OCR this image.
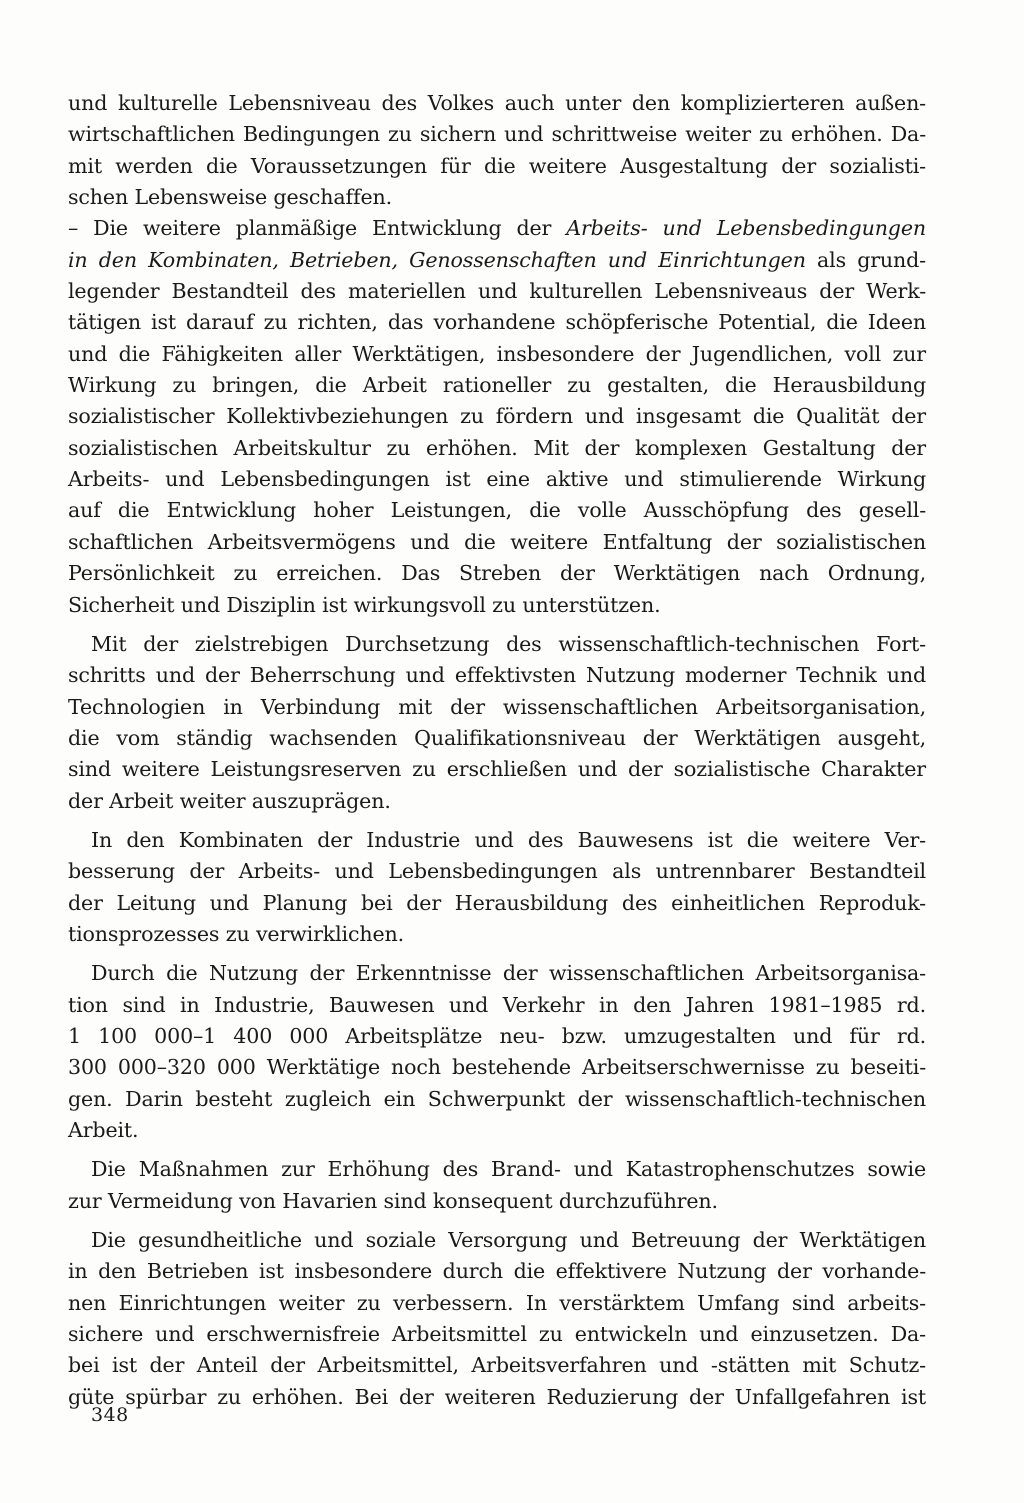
und kulturelle Lebensniveau des Volkes auch unter den komplizierteren außen-
wirtschaftlichen Bedingungen zu sichern und schrittweise weiter zu erhöhen. Da-
mit werden die Voraussetzungen für die weitere Ausgestaltung der sozialisti-
schen Lebensweise geschaffen.
– Die weitere planmäßige Entwicklung der Arbeits- und Lebensbedingungen
in den Kombinaten, Betrieben, Genossenschaften und Einrichtungen als grund-
legender Bestandteil des materiellen und kulturellen Lebensniveaus der Werk-
tätigen ist darauf zu richten, das vorhandene schöpferische Potential, die Ideen
und die Fähigkeiten aller Werktätigen, insbesondere der Jugendlichen, voll zur
Wirkung zu bringen, die Arbeit rationeller zu gestalten, die Herausbildung
sozialistischer Kollektivbeziehungen zu fördern und insgesamt die Qualität der
sozialistischen Arbeitskultur zu erhöhen. Mit der komplexen Gestaltung der
Arbeits- und Lebensbedingungen ist eine aktive und stimulierende Wirkung
auf die Entwicklung hoher Leistungen, die volle Ausschöpfung des gesell-
schaftlichen Arbeitsvermögens und die weitere Entfaltung der sozialistischen
Persönlichkeit zu erreichen. Das Streben der Werktätigen nach Ordnung,
Sicherheit und Disziplin ist wirkungsvoll zu unterstützen.
Mit der zielstrebigen Durchsetzung des wissenschaftlich-technischen Fort-
schritts und der Beherrschung und effektivsten Nutzung moderner Technik und
Technologien in Verbindung mit der wissenschaftlichen Arbeitsorganisation,
die vom ständig wachsenden Qualifikationsniveau der Werktätigen ausgeht,
sind weitere Leistungsreserven zu erschließen und der sozialistische Charakter
der Arbeit weiter auszuprägen.
In den Kombinaten der Industrie und des Bauwesens ist die weitere Ver-
besserung der Arbeits- und Lebensbedingungen als untrennbarer Bestandteil
der Leitung und Planung bei der Herausbildung des einheitlichen Reproduk-
tionsprozesses zu verwirklichen.
Durch die Nutzung der Erkenntnisse der wissenschaftlichen Arbeitsorganisa-
tion sind in Industrie, Bauwesen und Verkehr in den Jahren 1981–1985 rd.
1 100 000–1 400 000 Arbeitsplätze neu- bzw. umzugestalten und für rd.
300 000–320 000 Werktätige noch bestehende Arbeitserschwernisse zu beseiti-
gen. Darin besteht zugleich ein Schwerpunkt der wissenschaftlich-technischen
Arbeit.
Die Maßnahmen zur Erhöhung des Brand- und Katastrophenschutzes sowie
zur Vermeidung von Havarien sind konsequent durchzuführen.
Die gesundheitliche und soziale Versorgung und Betreuung der Werktätigen
in den Betrieben ist insbesondere durch die effektivere Nutzung der vorhande-
nen Einrichtungen weiter zu verbessern. In verstärktem Umfang sind arbeits-
sichere und erschwernisfreie Arbeitsmittel zu entwickeln und einzusetzen. Da-
bei ist der Anteil der Arbeitsmittel, Arbeitsverfahren und -stätten mit Schutz-
güte spürbar zu erhöhen. Bei der weiteren Reduzierung der Unfallgefahren ist
348
